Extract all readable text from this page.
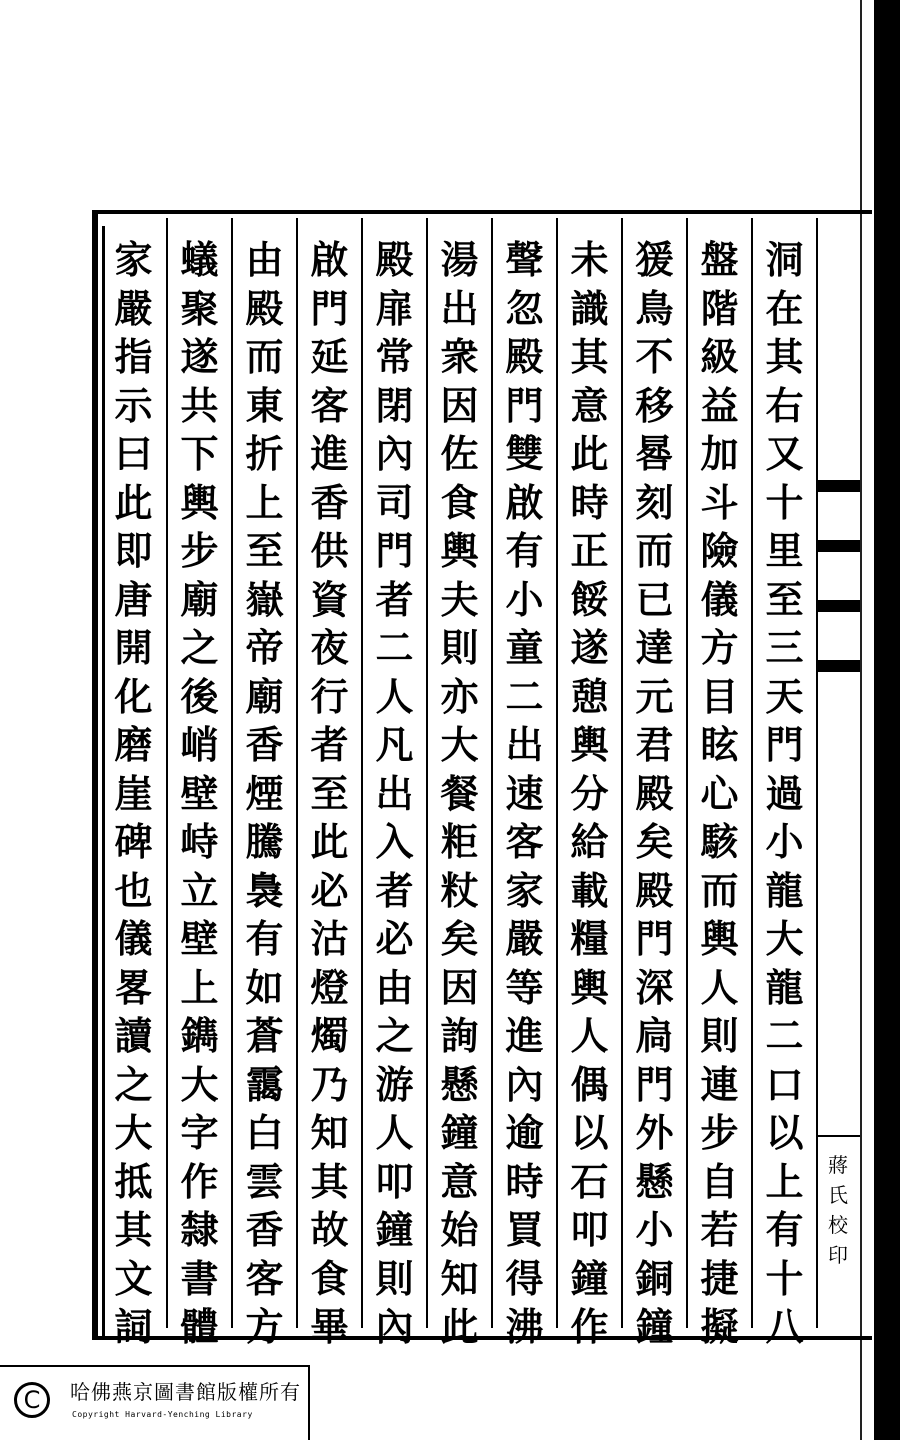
洞
在
其
右
又
十
里
至
三
天
門
過
小
龍
大
龍
二
口
以
上
有
十
八
盤
階
級
益
加
斗
險
儀
方
目
眩
心
駭
而
輿
人
則
連
步
自
若
捷
擬
猨
鳥
不
移
晷
刻
而
已
達
元
君
殿
矣
殿
門
深
扃
門
外
懸
小
銅
鐘
未
識
其
意
此
時
正
餒
遂
憩
輿
分
給
載
糧
輿
人
偶
以
石
叩
鐘
作
聲
忽
殿
門
雙
啟
有
小
童
二
出
速
客
家
嚴
等
進
內
逾
時
買
得
沸
湯
出
衆
因
佐
食
輿
夫
則
亦
大
餐
粔
粀
矣
因
詢
懸
鐘
意
始
知
此
殿
扉
常
閉
內
司
門
者
二
人
凡
出
入
者
必
由
之
游
人
叩
鐘
則
內
啟
門
延
客
進
香
供
資
夜
行
者
至
此
必
沽
燈
燭
乃
知
其
故
食
畢
由
殿
而
東
折
上
至
嶽
帝
廟
香
煙
騰
裊
有
如
蒼
靄
白
雲
香
客
方
蟻
聚
遂
共
下
輿
步
廟
之
後
峭
壁
峙
立
壁
上
鐫
大
字
作
隸
書
體
家
嚴
指
示
曰
此
即
唐
開
化
磨
崖
碑
也
儀
畧
讀
之
大
抵
其
文
詞
蔣
氏
校
印
C	哈佛燕京圖書館版權所有
Copyright Harvard-Yenching Library
